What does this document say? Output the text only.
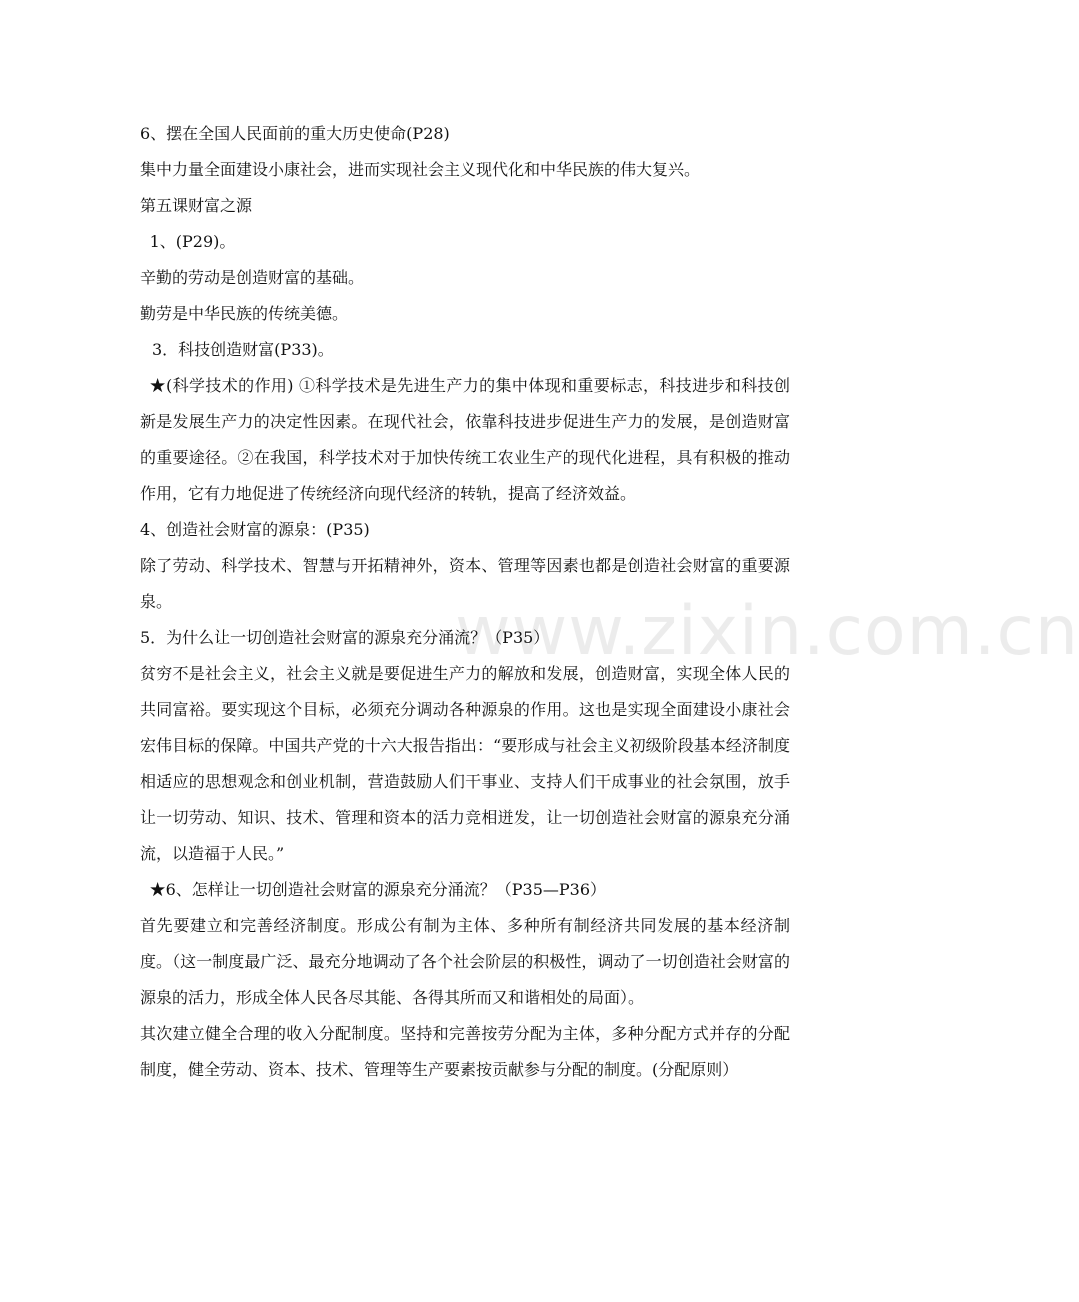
www.zixin.com.cn

6、摆在全国人民面前的重大历史使命(P28)

集中力量全面建设小康社会，进而实现社会主义现代化和中华民族的伟大复兴。

第五课财富之源

1、(P29)。

辛勤的劳动是创造财富的基础。

勤劳是中华民族的传统美德。

3．科技创造财富(P33)。

★(科学技术的作用) ①科学技术是先进生产力的集中体现和重要标志，科技进步和科技创新是发展生产力的决定性因素。在现代社会，依靠科技进步促进生产力的发展，是创造财富的重要途径。②在我国，科学技术对于加快传统工农业生产的现代化进程，具有积极的推动作用，它有力地促进了传统经济向现代经济的转轨，提高了经济效益。

4、创造社会财富的源泉：(P35)

除了劳动、科学技术、智慧与开拓精神外，资本、管理等因素也都是创造社会财富的重要源泉。

5．为什么让一切创造社会财富的源泉充分涌流？（P35）

贫穷不是社会主义，社会主义就是要促进生产力的解放和发展，创造财富，实现全体人民的共同富裕。要实现这个目标，必须充分调动各种源泉的作用。这也是实现全面建设小康社会宏伟目标的保障。中国共产党的十六大报告指出：“要形成与社会主义初级阶段基本经济制度相适应的思想观念和创业机制，营造鼓励人们干事业、支持人们干成事业的社会氛围，放手让一切劳动、知识、技术、管理和资本的活力竞相迸发，让一切创造社会财富的源泉充分涌流，以造福于人民。”

★6、怎样让一切创造社会财富的源泉充分涌流？（P35—P36）

首先要建立和完善经济制度。形成公有制为主体、多种所有制经济共同发展的基本经济制度。（这一制度最广泛、最充分地调动了各个社会阶层的积极性，调动了一切创造社会财富的源泉的活力，形成全体人民各尽其能、各得其所而又和谐相处的局面）。

其次建立健全合理的收入分配制度。坚持和完善按劳分配为主体，多种分配方式并存的分配制度，健全劳动、资本、技术、管理等生产要素按贡献参与分配的制度。(分配原则）
